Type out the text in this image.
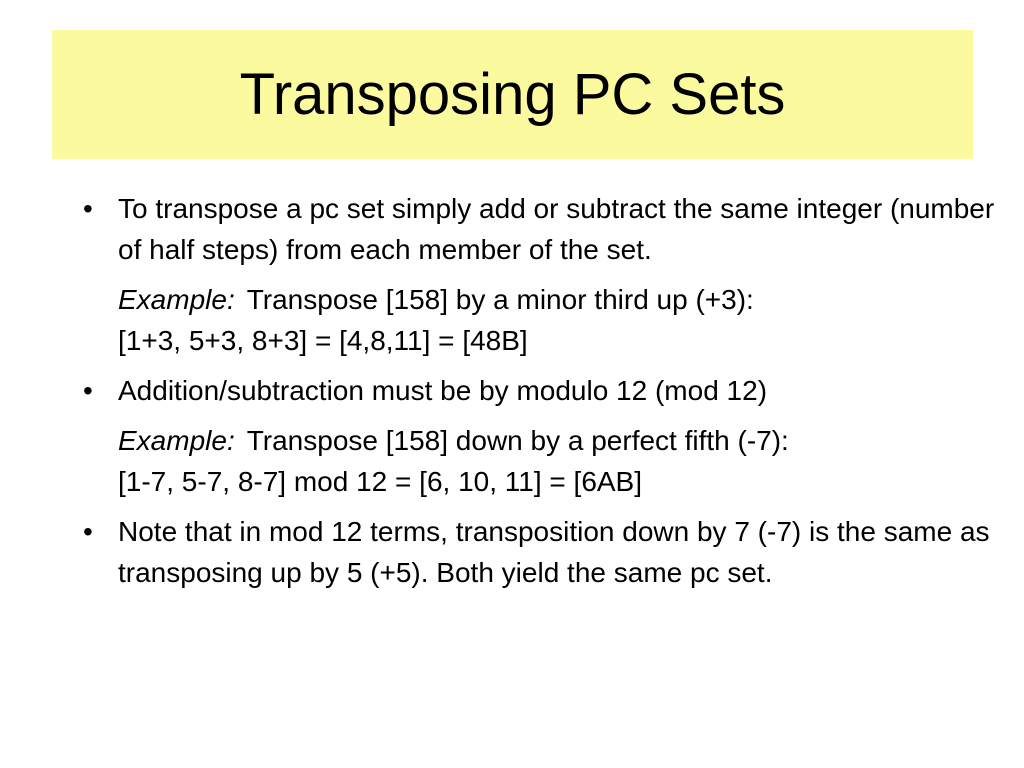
Transposing PC Sets
• To transpose a pc set simply add or subtract the same integer (number of half steps) from each member of the set.
Example: Transpose [158] by a minor third up (+3):
[1+3, 5+3, 8+3] = [4,8,11] = [48B]
• Addition/subtraction must be by modulo 12 (mod 12)
Example: Transpose [158] down by a perfect fifth (-7):
[1-7, 5-7, 8-7] mod 12 = [6, 10, 11] = [6AB]
• Note that in mod 12 terms, transposition down by 7 (-7) is the same as transposing up by 5 (+5). Both yield the same pc set.
